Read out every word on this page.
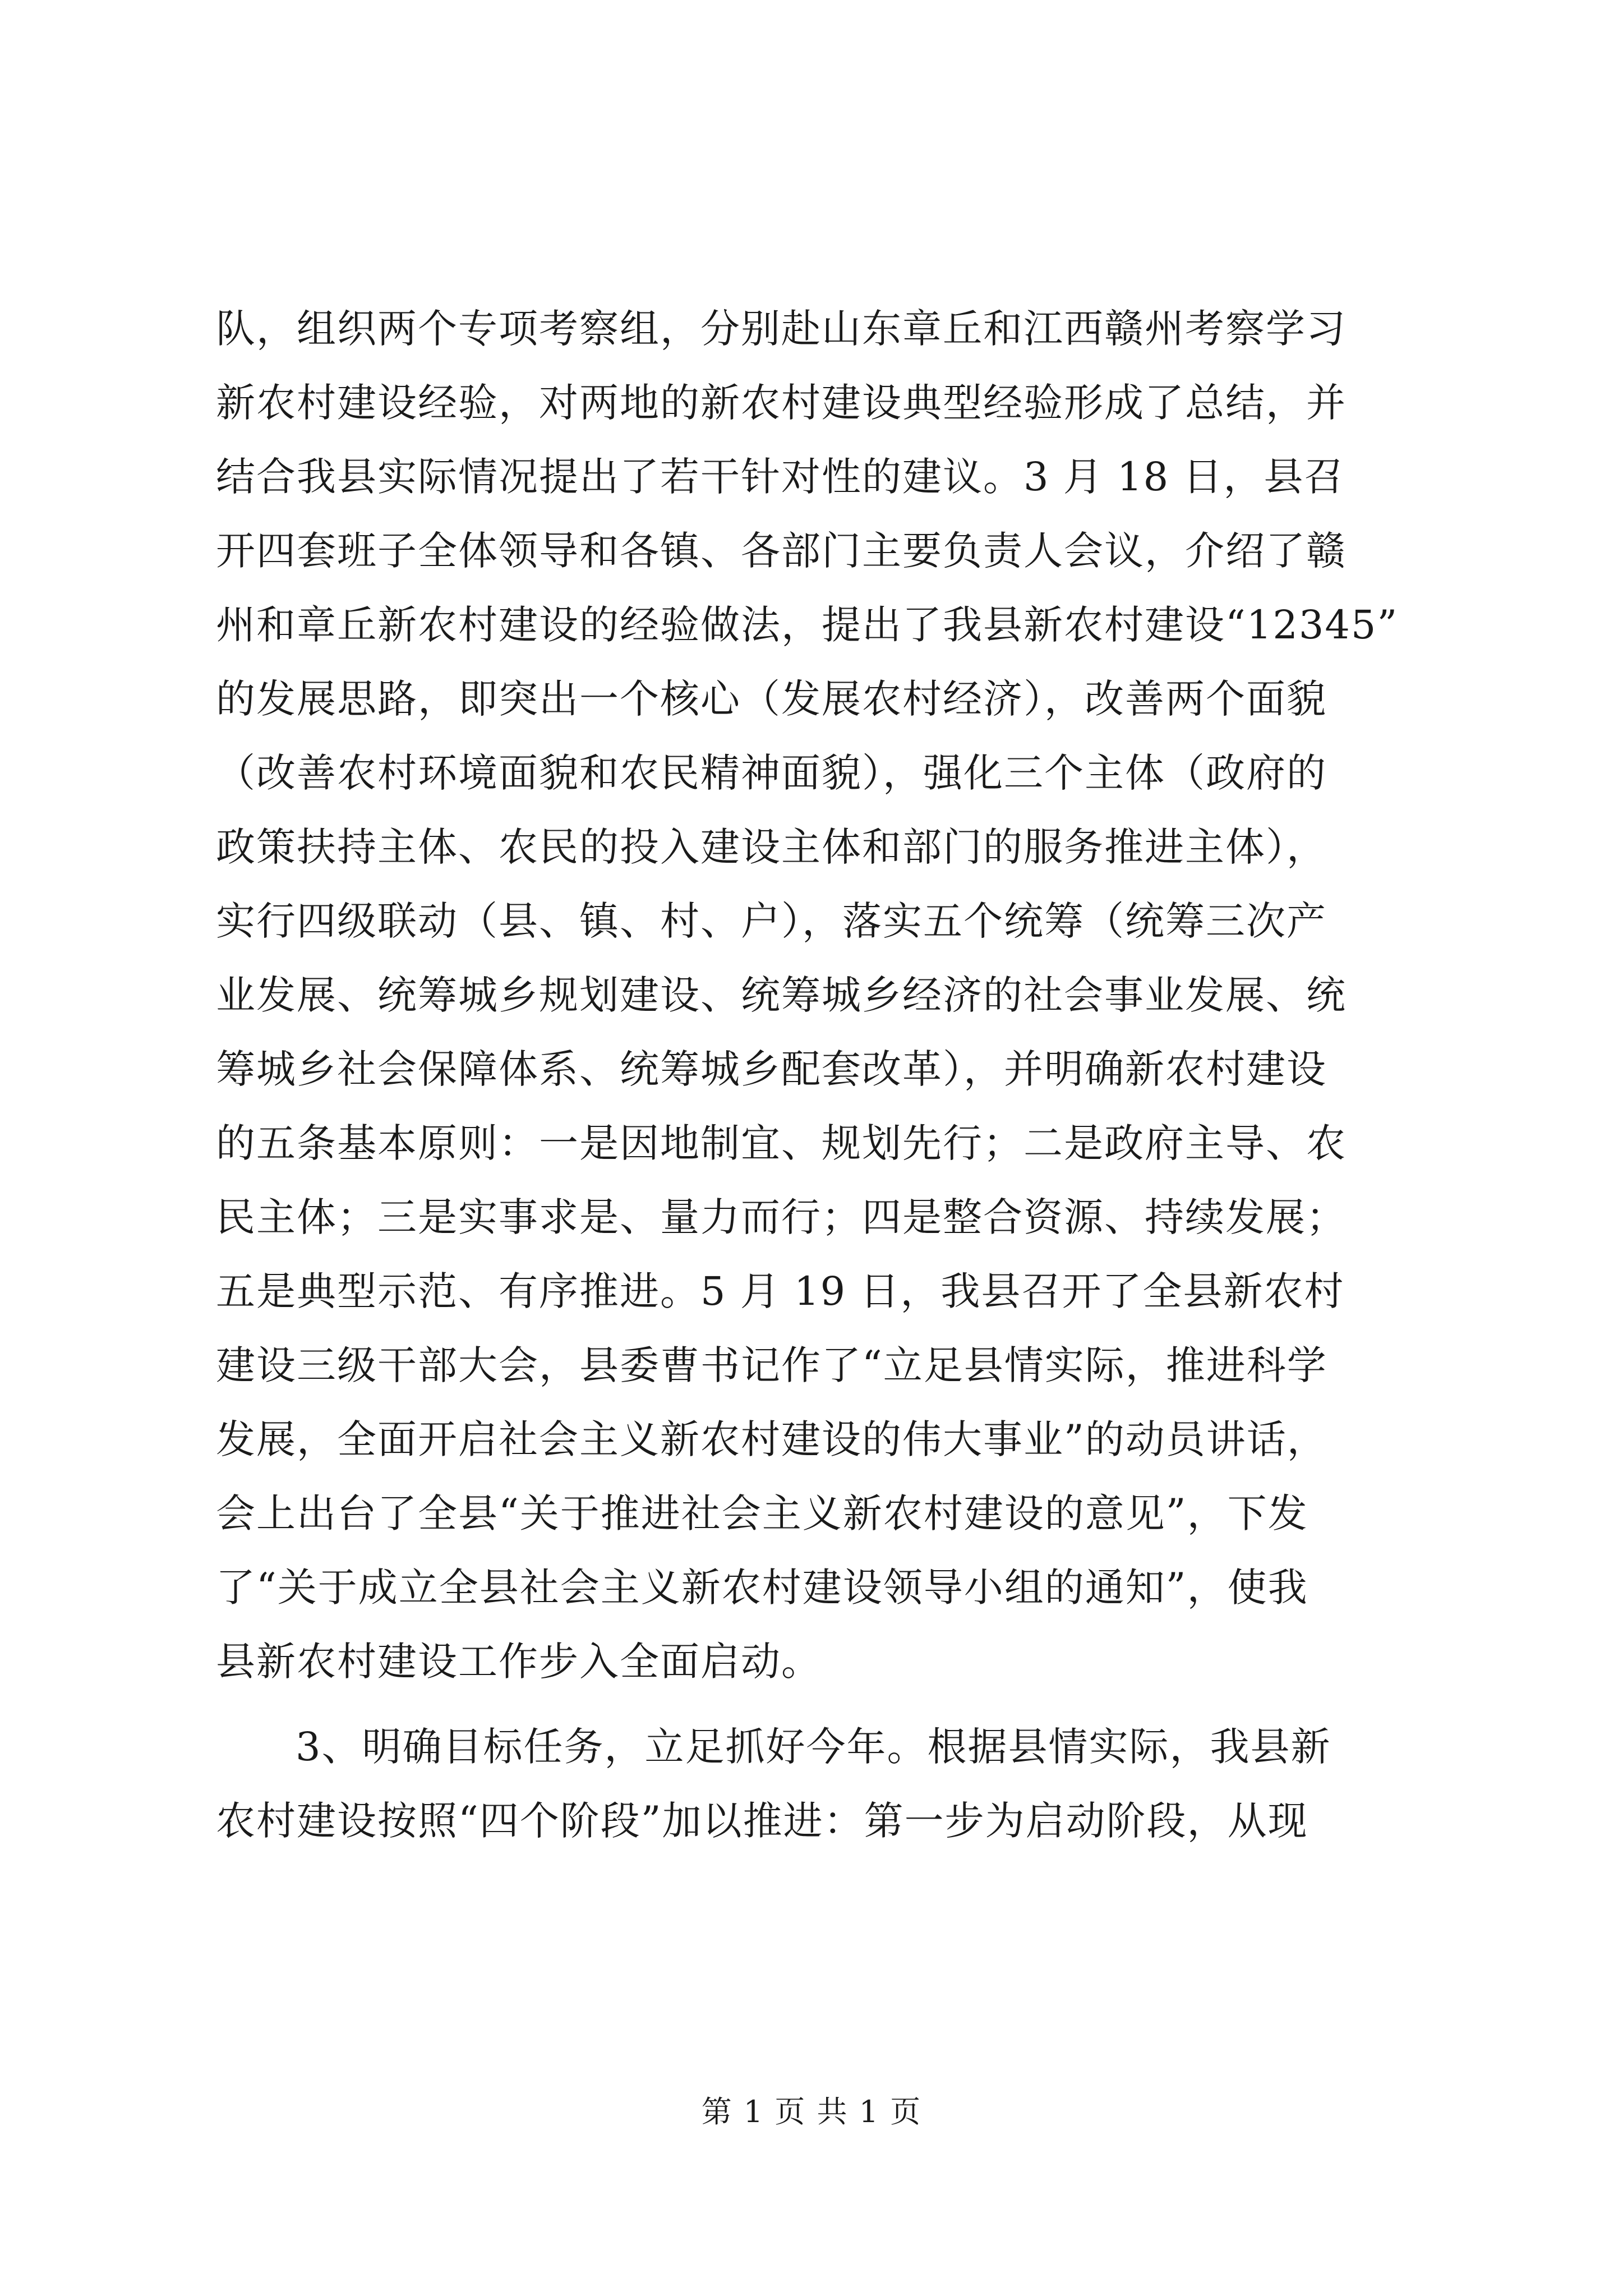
队，组织两个专项考察组，分别赴山东章丘和江西赣州考察学习
新农村建设经验，对两地的新农村建设典型经验形成了总结，并
结合我县实际情况提出了若干针对性的建议。3 月 18 日，县召
开四套班子全体领导和各镇、各部门主要负责人会议，介绍了赣
州和章丘新农村建设的经验做法，提出了我县新农村建设“12345”
的发展思路，即突出一个核心（发展农村经济），改善两个面貌
（改善农村环境面貌和农民精神面貌），强化三个主体（政府的
政策扶持主体、农民的投入建设主体和部门的服务推进主体），
实行四级联动（县、镇、村、户），落实五个统筹（统筹三次产
业发展、统筹城乡规划建设、统筹城乡经济的社会事业发展、统
筹城乡社会保障体系、统筹城乡配套改革），并明确新农村建设
的五条基本原则：一是因地制宜、规划先行；二是政府主导、农
民主体；三是实事求是、量力而行；四是整合资源、持续发展；
五是典型示范、有序推进。5 月 19 日，我县召开了全县新农村
建设三级干部大会，县委曹书记作了“立足县情实际，推进科学
发展，全面开启社会主义新农村建设的伟大事业”的动员讲话，
会上出台了全县“关于推进社会主义新农村建设的意见”，下发
了“关于成立全县社会主义新农村建设领导小组的通知”，使我
县新农村建设工作步入全面启动。
3、明确目标任务，立足抓好今年。根据县情实际，我县新
农村建设按照“四个阶段”加以推进：第一步为启动阶段，从现
第 1 页 共 1 页
